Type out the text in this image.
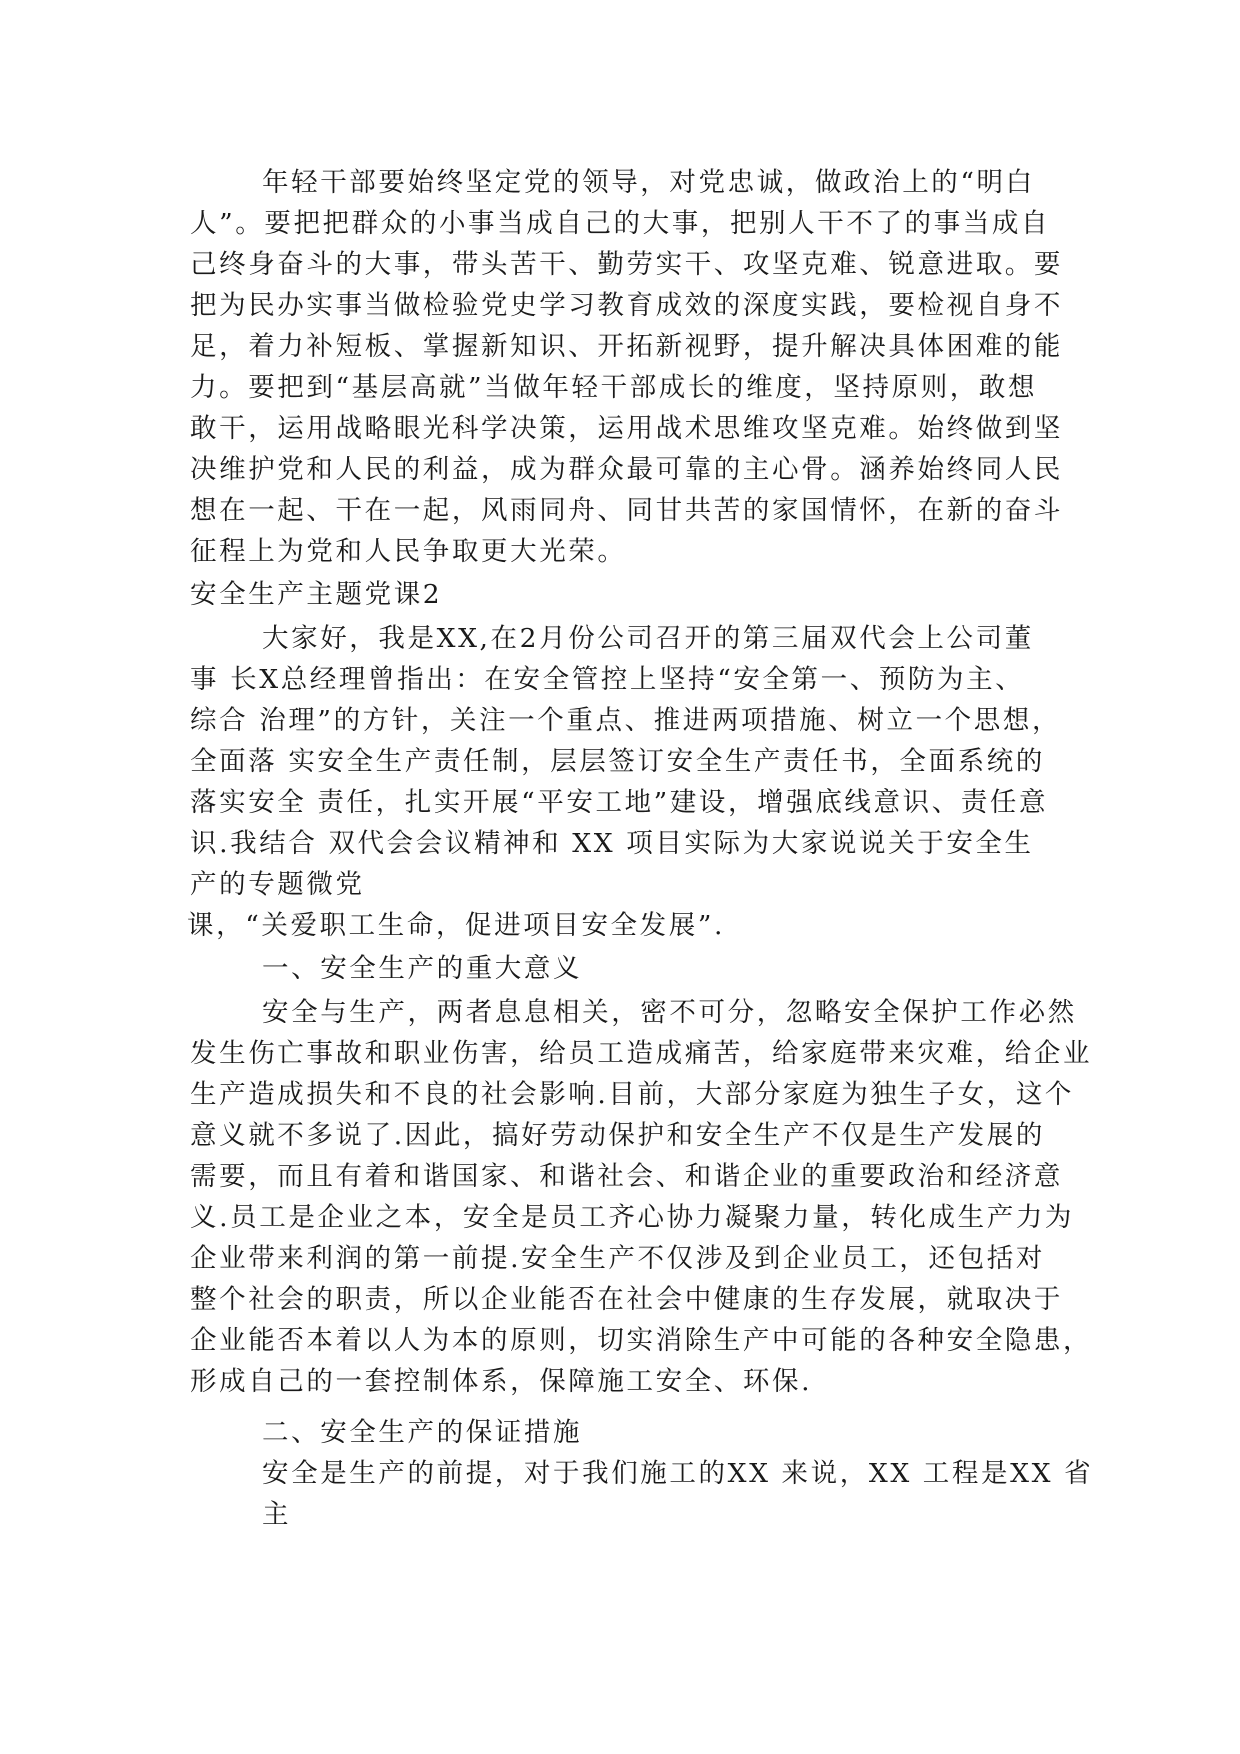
年轻干部要始终坚定党的领导，对党忠诚，做政治上的“明白
人”。要把把群众的小事当成自己的大事，把别人干不了的事当成自
己终身奋斗的大事，带头苦干、勤劳实干、攻坚克难、锐意进取。要
把为民办实事当做检验党史学习教育成效的深度实践，要检视自身不
足，着力补短板、掌握新知识、开拓新视野，提升解决具体困难的能
力。要把到“基层高就”当做年轻干部成长的维度，坚持原则，敢想
敢干，运用战略眼光科学决策，运用战术思维攻坚克难。始终做到坚
决维护党和人民的利益，成为群众最可靠的主心骨。涵养始终同人民
想在一起、干在一起，风雨同舟、同甘共苦的家国情怀，在新的奋斗
征程上为党和人民争取更大光荣。
安全生产主题党课2
大家好，我是XX,在2月份公司召开的第三届双代会上公司董
事 长X总经理曾指出：在安全管控上坚持“安全第一、预防为主、
综合 治理”的方针，关注一个重点、推进两项措施、树立一个思想，
全面落 实安全生产责任制，层层签订安全生产责任书，全面系统的
落实安全 责任，扎实开展“平安工地”建设，增强底线意识、责任意
识.我结合 双代会会议精神和 XX 项目实际为大家说说关于安全生
产的专题微党
课，“关爱职工生命，促进项目安全发展”.
一、安全生产的重大意义
安全与生产，两者息息相关，密不可分，忽略安全保护工作必然
发生伤亡事故和职业伤害，给员工造成痛苦，给家庭带来灾难，给企业
生产造成损失和不良的社会影响.目前，大部分家庭为独生子女，这个
意义就不多说了.因此，搞好劳动保护和安全生产不仅是生产发展的
需要，而且有着和谐国家、和谐社会、和谐企业的重要政治和经济意
义.员工是企业之本，安全是员工齐心协力凝聚力量，转化成生产力为
企业带来利润的第一前提.安全生产不仅涉及到企业员工，还包括对
整个社会的职责，所以企业能否在社会中健康的生存发展，就取决于
企业能否本着以人为本的原则，切实消除生产中可能的各种安全隐患，
形成自己的一套控制体系，保障施工安全、环保.
二、安全生产的保证措施
安全是生产的前提，对于我们施工的XX 来说，XX 工程是XX 省
主
